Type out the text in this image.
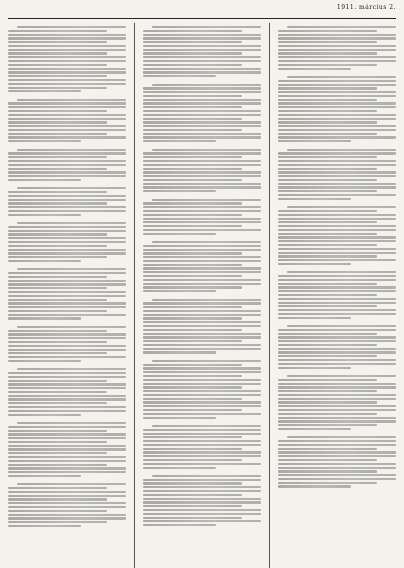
1911. március 2.
